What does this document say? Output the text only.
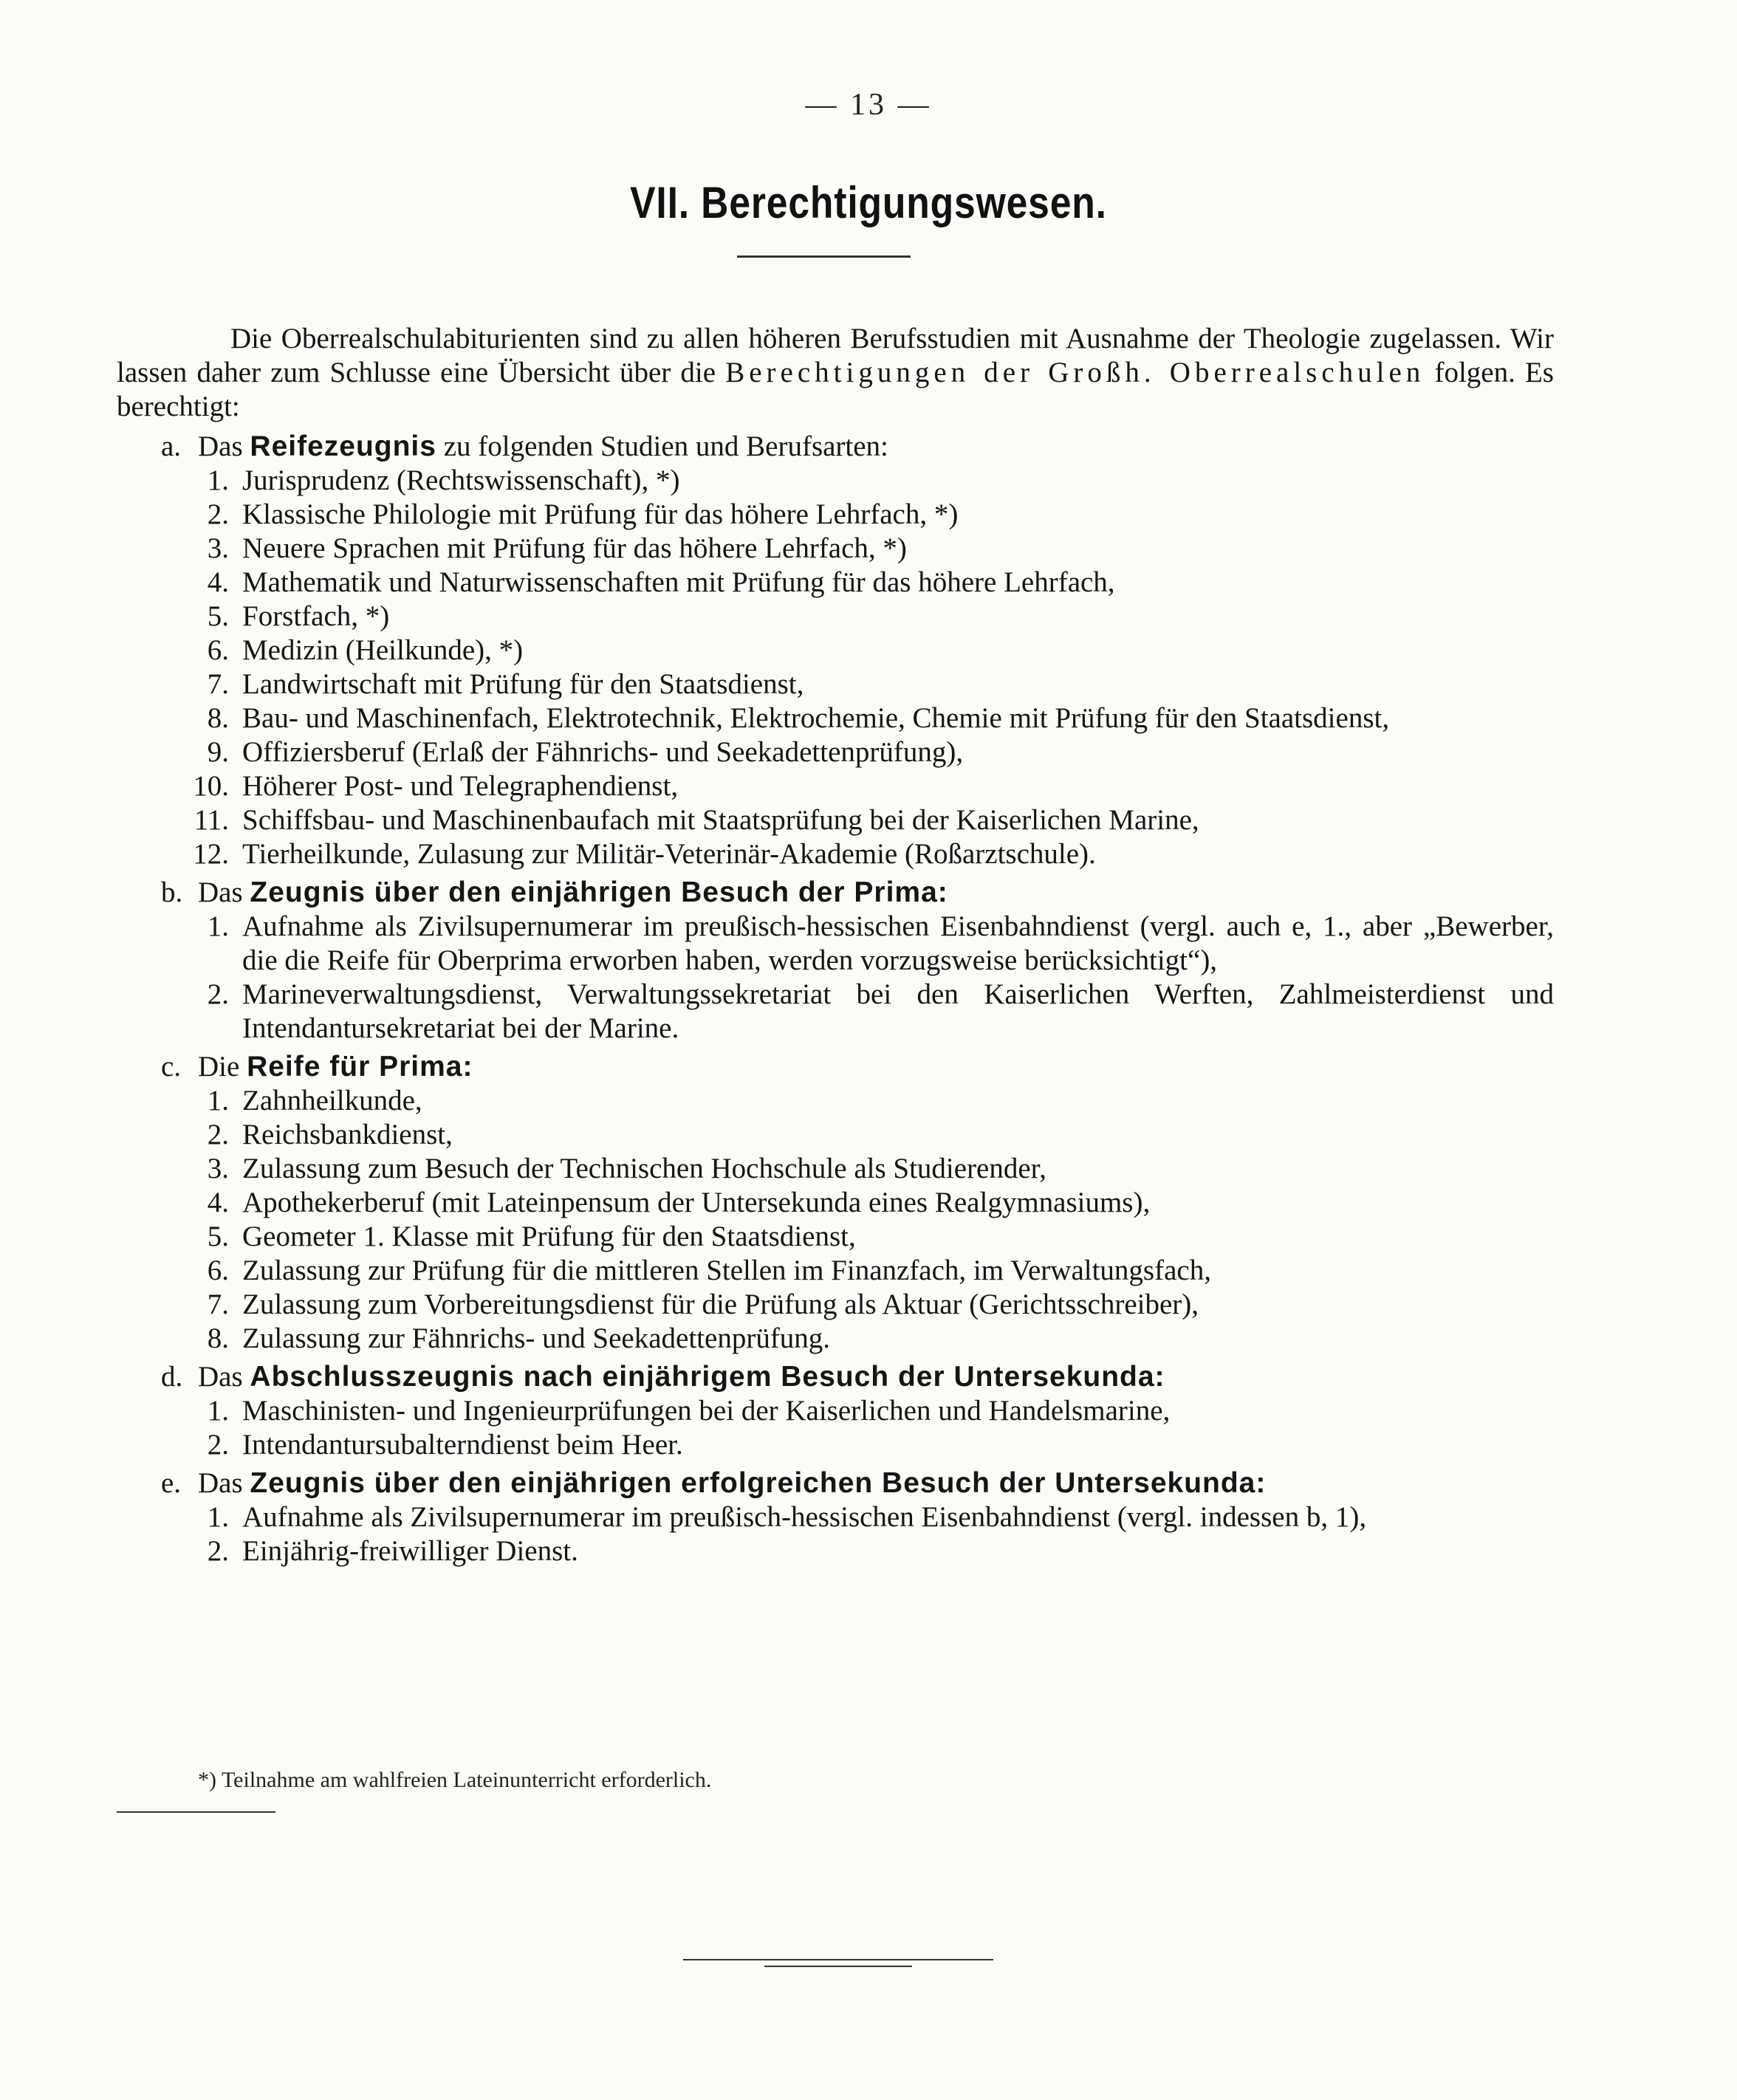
— 13 —
VII. Berechtigungswesen.

Die Oberrealschulabiturienten sind zu allen höheren Berufsstudien mit Ausnahme der Theologie zugelassen. Wir lassen daher zum Schlusse eine Übersicht über die Berechtigungen der Großh. Oberrealschulen folgen. Es berechtigt:

a. Das Reifezeugnis zu folgenden Studien und Berufsarten:
1. Jurisprudenz (Rechtswissenschaft), *)
2. Klassische Philologie mit Prüfung für das höhere Lehrfach, *)
3. Neuere Sprachen mit Prüfung für das höhere Lehrfach, *)
4. Mathematik und Naturwissenschaften mit Prüfung für das höhere Lehrfach,
5. Forstfach, *)
6. Medizin (Heilkunde), *)
7. Landwirtschaft mit Prüfung für den Staatsdienst,
8. Bau- und Maschinenfach, Elektrotechnik, Elektrochemie, Chemie mit Prüfung für den Staatsdienst,
9. Offiziersberuf (Erlaß der Fähnrichs- und Seekadettenprüfung),
10. Höherer Post- und Telegraphendienst,
11. Schiffsbau- und Maschinenbaufach mit Staatsprüfung bei der Kaiserlichen Marine,
12. Tierheilkunde, Zulasung zur Militär-Veterinär-Akademie (Roßarztschule).
b. Das Zeugnis über den einjährigen Besuch der Prima:
1. Aufnahme als Zivilsupernumerar im preußisch-hessischen Eisenbahndienst (vergl. auch e, 1., aber „Bewerber, die die Reife für Oberprima erworben haben, werden vorzugsweise berücksichtigt“),
2. Marineverwaltungsdienst, Verwaltungssekretariat bei den Kaiserlichen Werften, Zahlmeisterdienst und Intendantursekretariat bei der Marine.
c. Die Reife für Prima:
1. Zahnheilkunde,
2. Reichsbankdienst,
3. Zulassung zum Besuch der Technischen Hochschule als Studierender,
4. Apothekerberuf (mit Lateinpensum der Untersekunda eines Realgymnasiums),
5. Geometer 1. Klasse mit Prüfung für den Staatsdienst,
6. Zulassung zur Prüfung für die mittleren Stellen im Finanzfach, im Verwaltungsfach,
7. Zulassung zum Vorbereitungsdienst für die Prüfung als Aktuar (Gerichtsschreiber),
8. Zulassung zur Fähnrichs- und Seekadettenprüfung.
d. Das Abschlusszeugnis nach einjährigem Besuch der Untersekunda:
1. Maschinisten- und Ingenieurprüfungen bei der Kaiserlichen und Handelsmarine,
2. Intendantursubalterndienst beim Heer.
e. Das Zeugnis über den einjährigen erfolgreichen Besuch der Untersekunda:
1. Aufnahme als Zivilsupernumerar im preußisch-hessischen Eisenbahndienst (vergl. indessen b, 1),
2. Einjährig-freiwilliger Dienst.
*) Teilnahme am wahlfreien Lateinunterricht erforderlich.
